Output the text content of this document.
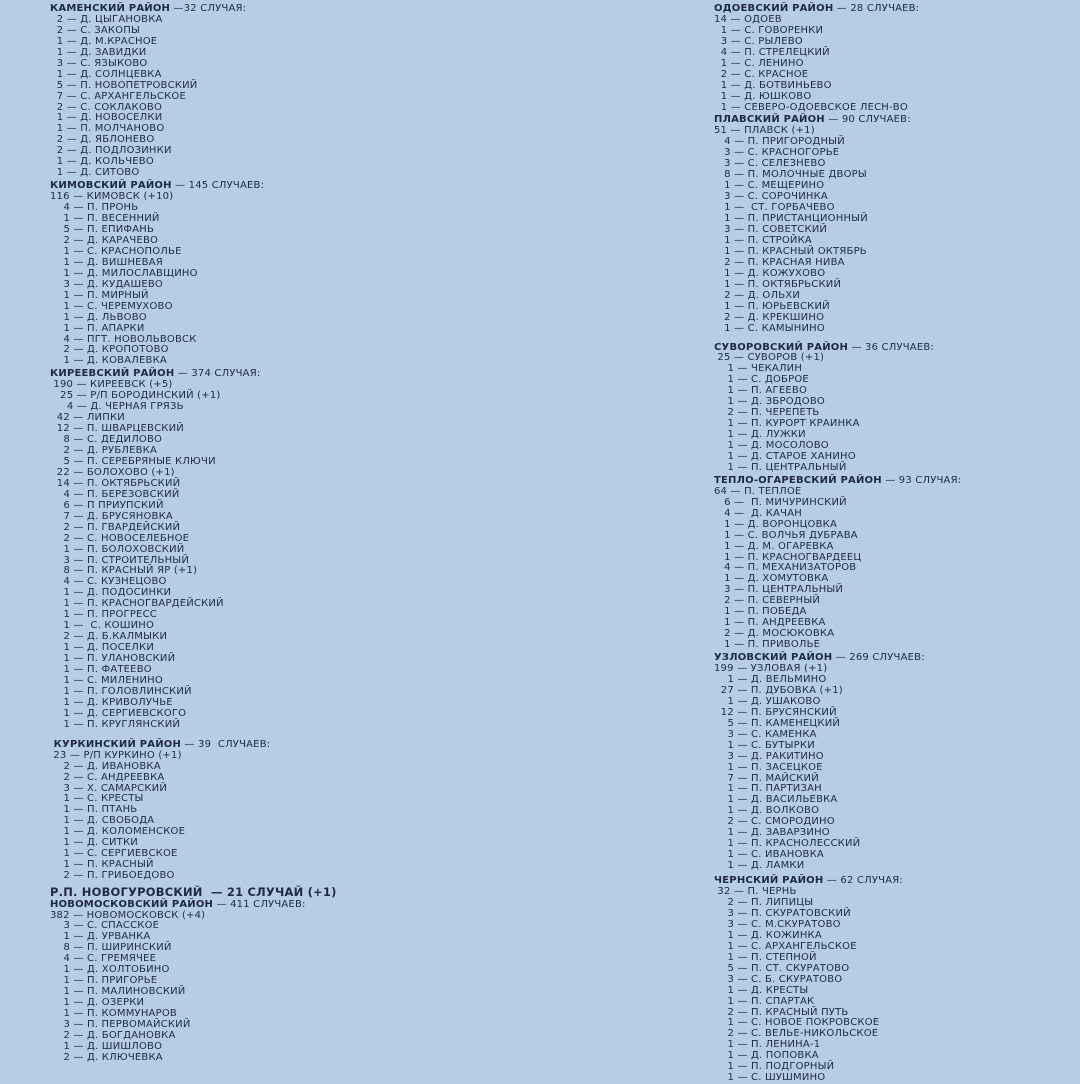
КАМЕНСКИЙ РАЙОН —32 СЛУЧАЯ:
2 — Д. ЦЫГАНОВКА
2 — С. ЗАКОПЫ
1 — Д. М.КРАСНОЕ
1 — Д. ЗАВИДКИ
3 — С. ЯЗЫКОВО
1 — Д. СОЛНЦЕВКА
5 — П. НОВОПЕТРОВСКИЙ
7 — С. АРХАНГЕЛЬСКОЕ
2 — С. СОКЛАКОВО
1 — Д. НОВОСЕЛКИ
1 — П. МОЛЧАНОВО
2 — Д. ЯБЛОНЕВО
2 — Д. ПОДЛОЗИНКИ
1 — Д. КОЛЬЧЕВО
1 — Д. СИТОВО
КИМОВСКИЙ РАЙОН — 145 СЛУЧАЕВ:
116 — КИМОВСК (+10)
4 — П. ПРОНЬ
1 — П. ВЕСЕННИЙ
5 — П. ЕПИФАНЬ
2 — Д. КАРАЧЕВО
1 — С. КРАСНОПОЛЬЕ
1 — Д. ВИШНЕВАЯ
1 — Д. МИЛОСЛАВЩИНО
3 — Д. КУДАШЕВО
1 — П. МИРНЫЙ
1 — С. ЧЕРЕМУХОВО
1 — Д. ЛЬВОВО
1 — П. АПАРКИ
4 — ПГТ. НОВОЛЬВОВСК
2 — Д. КРОПОТОВО
1 — Д. КОВАЛЕВКА
КИРЕЕВСКИЙ РАЙОН — 374 СЛУЧАЯ:
190 — КИРЕЕВСК (+5)
25 — Р/П БОРОДИНСКИЙ (+1)
4 — Д. ЧЕРНАЯ ГРЯЗЬ
42 — ЛИПКИ
12 — П. ШВАРЦЕВСКИЙ
8 — С. ДЕДИЛОВО
2 — Д. РУБЛЕВКА
5 — П. СЕРЕБРЯНЫЕ КЛЮЧИ
22 — БОЛОХОВО (+1)
14 — П. ОКТЯБРЬСКИЙ
4 — П. БЕРЕЗОВСКИЙ
6 — П ПРИУПСКИЙ
7 — Д. БРУСЯНОВКА
2 — П. ГВАРДЕЙСКИЙ
2 — С. НОВОСЕЛЕБНОЕ
1 — П. БОЛОХОВСКИЙ
3 — П. СТРОИТЕЛЬНЫЙ
8 — П. КРАСНЫЙ ЯР (+1)
4 — С. КУЗНЕЦОВО
1 — Д. ПОДОСИНКИ
1 — П. КРАСНОГВАРДЕЙСКИЙ
1 — П. ПРОГРЕСС
1 —  С. КОШИНО
2 — Д. Б.КАЛМЫКИ
1 — Д. ПОСЕЛКИ
1 — П. УЛАНОВСКИЙ
1 — П. ФАТЕЕВО
1 — С. МИЛЕНИНО
1 — П. ГОЛОВЛИНСКИЙ
1 — Д. КРИВОЛУЧЬЕ
1 — Д. СЕРГИЕВСКОГО
1 — П. КРУГЛЯНСКИЙ
КУРКИНСКИЙ РАЙОН — 39  СЛУЧАЕВ:
23 — Р/П КУРКИНО (+1)
2 — Д. ИВАНОВКА
2 — С. АНДРЕЕВКА
3 — Х. САМАРСКИЙ
1 — С. КРЕСТЫ
1 — П. ПТАНЬ
1 — Д. СВОБОДА
1 — Д. КОЛОМЕНСКОЕ
1 — Д. СИТКИ
1 — С. СЕРГИЕВСКОЕ
1 — П. КРАСНЫЙ
2 — П. ГРИБОЕДОВО
Р.П. НОВОГУРОВСКИЙ  — 21 СЛУЧАЙ (+1)
НОВОМОСКОВСКИЙ РАЙОН — 411 СЛУЧАЕВ:
382 — НОВОМОСКОВСК (+4)
3 — С. СПАССКОЕ
1 — Д. УРВАНКА
8 — П. ШИРИНСКИЙ
4 — С. ГРЕМЯЧЕЕ
1 — Д. ХОЛТОБИНО
1 — П. ПРИГОРЬЕ
1 — П. МАЛИНОВСКИЙ
1 — Д. ОЗЕРКИ
1 — П. КОММУНАРОВ
3 — П. ПЕРВОМАЙСКИЙ
2 — Д. БОГДАНОВКА
1 — Д. ШИШЛОВО
2 — Д. КЛЮЧЕВКА
ОДОЕВСКИЙ РАЙОН — 28 СЛУЧАЕВ:
14 — ОДОЕВ
1 — С. ГОВОРЕНКИ
3 — С. РЫЛЕВО
4 — П. СТРЕЛЕЦКИЙ
1 — С. ЛЕНИНО
2 — С. КРАСНОЕ
1 — Д. БОТВИНЬЕВО
1 — Д. ЮШКОВО
1 — СЕВЕРО-ОДОЕВСКОЕ ЛЕСН-ВО
ПЛАВСКИЙ РАЙОН — 90 СЛУЧАЕВ:
51 — ПЛАВСК (+1)
4 — П. ПРИГОРОДНЫЙ
3 — С. КРАСНОГОРЬЕ
3 — С. СЕЛЕЗНЕВО
8 — П. МОЛОЧНЫЕ ДВОРЫ
1 — С. МЕЩЕРИНО
3 — С. СОРОЧИНКА
1 —  СТ. ГОРБАЧЕВО
1 — П. ПРИСТАНЦИОННЫЙ
3 — П. СОВЕТСКИЙ
1 — П. СТРОЙКА
1 — П. КРАСНЫЙ ОКТЯБРЬ
2 — П. КРАСНАЯ НИВА
1 — Д. КОЖУХОВО
1 — П. ОКТЯБРЬСКИЙ
2 — Д. ОЛЬХИ
1 — П. ЮРЬЕВСКИЙ
2 — Д. КРЕКШИНО
1 — С. КАМЫНИНО
СУВОРОВСКИЙ РАЙОН — 36 СЛУЧАЕВ:
25 — СУВОРОВ (+1)
1 — ЧЕКАЛИН
1 — С. ДОБРОЕ
1 — П. АГЕЕВО
1 — Д. ЗБРОДОВО
2 — П. ЧЕРЕПЕТЬ
1 — П. КУРОРТ КРАИНКА
1 — Д. ЛУЖКИ
1 — Д. МОСОЛОВО
1 — Д. СТАРОЕ ХАНИНО
1 — П. ЦЕНТРАЛЬНЫЙ
ТЕПЛО-ОГАРЕВСКИЙ РАЙОН — 93 СЛУЧАЯ:
64 — П. ТЕПЛОЕ
6 —  П. МИЧУРИНСКИЙ
4 —  Д. КАЧАН
1 — Д. ВОРОНЦОВКА
1 — С. ВОЛЧЬЯ ДУБРАВА
1 — Д. М. ОГАРЕВКА
1 — П. КРАСНОГВАРДЕЕЦ
4 — П. МЕХАНИЗАТОРОВ
1 — Д. ХОМУТОВКА
3 — П. ЦЕНТРАЛЬНЫЙ
2 — П. СЕВЕРНЫЙ
1 — П. ПОБЕДА
1 — П. АНДРЕЕВКА
2 — Д. МОСЮКОВКА
1 — П. ПРИВОЛЬЕ
УЗЛОВСКИЙ РАЙОН — 269 СЛУЧАЕВ:
199 — УЗЛОВАЯ (+1)
1 — Д. ВЕЛЬМИНО
27 — П. ДУБОВКА (+1)
1 — Д. УШАКОВО
12 — П. БРУСЯНСКИЙ
5 — П. КАМЕНЕЦКИЙ
3 — С. КАМЕНКА
1 — С. БУТЫРКИ
3 — Д. РАКИТИНО
1 — П. ЗАСЕЦКОЕ
7 — П. МАЙСКИЙ
1 — П. ПАРТИЗАН
1 — Д. ВАСИЛЬЕВКА
1 — Д. ВОЛКОВО
2 — С. СМОРОДИНО
1 — Д. ЗАВАРЗИНО
1 — П. КРАСНОЛЕССКИЙ
1 — С. ИВАНОВКА
1 — Д. ЛАМКИ
ЧЕРНСКИЙ РАЙОН — 62 СЛУЧАЯ:
32 — П. ЧЕРНЬ
2 — П. ЛИПИЦЫ
3 — П. СКУРАТОВСКИЙ
3 — С. М.СКУРАТОВО
1 — Д. КОЖИНКА
1 — С. АРХАНГЕЛЬСКОЕ
1 — П. СТЕПНОЙ
5 — П. СТ. СКУРАТОВО
3 — С. Б. СКУРАТОВО
1 — Д. КРЕСТЫ
1 — П. СПАРТАК
2 — П. КРАСНЫЙ ПУТЬ
1 — С. НОВОЕ ПОКРОВСКОЕ
2 — С. ВЕЛЬЕ-НИКОЛЬСКОЕ
1 — П. ЛЕНИНА-1
1 — Д. ПОПОВКА
1 — П. ПОДГОРНЫЙ
1 — С. ШУШМИНО
